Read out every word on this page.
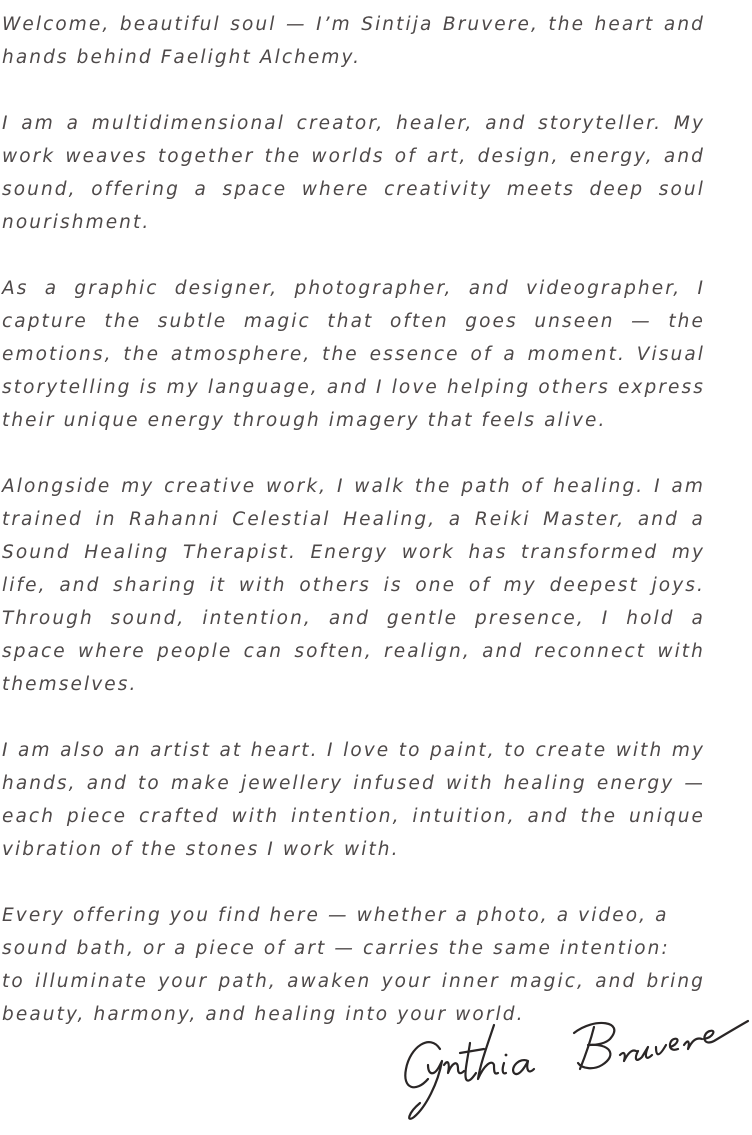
Welcome, beautiful soul — I’m Sintija Bruvere, the heart and hands behind Faelight Alchemy.

I am a multidimensional creator, healer, and storyteller. My work weaves together the worlds of art, design, energy, and sound, offering a space where creativity meets deep soul nourishment.

As a graphic designer, photographer, and videographer, I capture the subtle magic that often goes unseen — the emotions, the atmosphere, the essence of a moment. Visual storytelling is my language, and I love helping others express their unique energy through imagery that feels alive.

Alongside my creative work, I walk the path of healing. I am trained in Rahanni Celestial Healing, a Reiki Master, and a Sound Healing Therapist. Energy work has transformed my life, and sharing it with others is one of my deepest joys. Through sound, intention, and gentle presence, I hold a space where people can soften, realign, and reconnect with themselves.

I am also an artist at heart. I love to paint, to create with my hands, and to make jewellery infused with healing energy — each piece crafted with intention, intuition, and the unique vibration of the stones I work with.

Every offering you find here — whether a photo, a video, a sound bath, or a piece of art — carries the same intention:
to illuminate your path, awaken your inner magic, and bring beauty, harmony, and healing into your world.
